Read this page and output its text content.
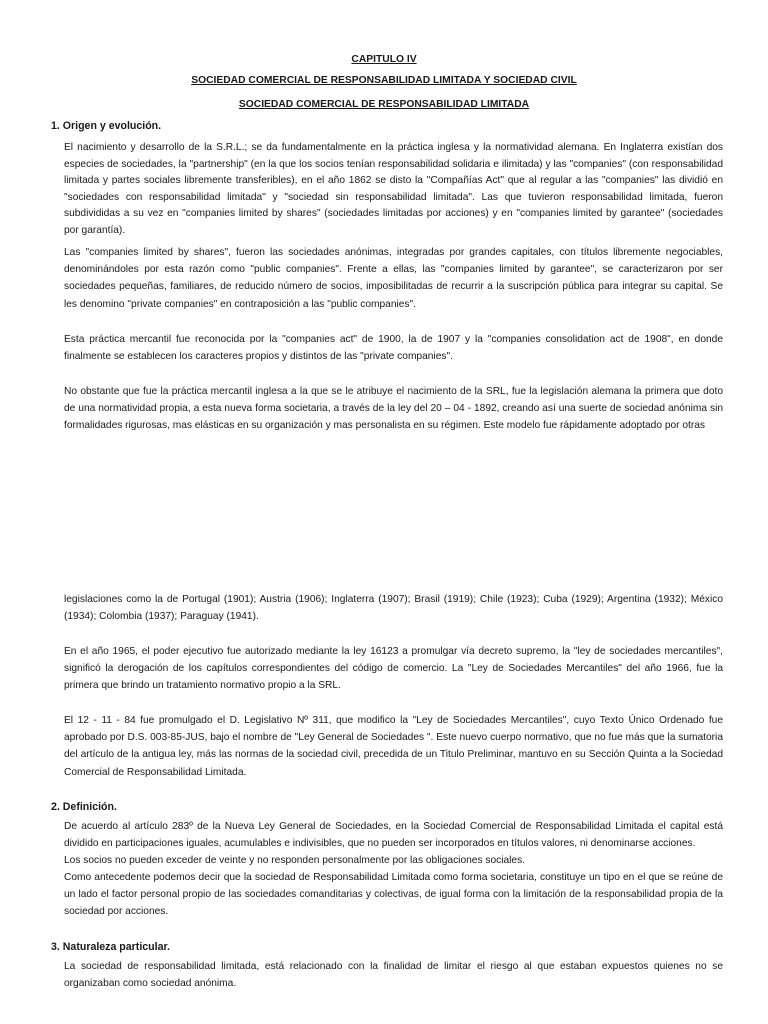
CAPITULO IV
SOCIEDAD COMERCIAL DE RESPONSABILIDAD LIMITADA Y SOCIEDAD CIVIL
SOCIEDAD COMERCIAL DE RESPONSABILIDAD LIMITADA
1. Origen y evolución.

El nacimiento y desarrollo de la S.R.L.; se da fundamentalmente en la práctica inglesa y la normatividad alemana. En Inglaterra existían dos especies de sociedades, la "partnership" (en la que los socios tenían responsabilidad solidaria e ilimitada) y las "companies" (con responsabilidad limitada y partes sociales libremente transferibles), en el año 1862 se disto la "Compañías Act" que al regular a las "companies" las dividió en "sociedades con responsabilidad limitada" y "sociedad sin responsabilidad limitada". Las que tuvieron responsabilidad limitada, fueron subdivididas a su vez en "companies limited by shares" (sociedades limitadas por acciones) y en "companies limited by garantee" (sociedades por garantía).

Las "companies limited by shares", fueron las sociedades anónimas, integradas por grandes capitales, con títulos libremente negociables, denominándoles por esta razón como "public companies". Frente a ellas, las "companies limited by garantee", se caracterizaron por ser sociedades pequeñas, familiares, de reducido número de socios, imposibilitadas de recurrir a la suscripción pública para integrar su capital. Se les denomino "private companies" en contraposición a las "public companies".

Esta práctica mercantil fue reconocida por la "companies act" de 1900, la de 1907 y la "companies consolidation act de 1908", en donde finalmente se establecen los caracteres propios y distintos de las "private companies".

No obstante que fue la práctica mercantil inglesa a la que se le atribuye el nacimiento de la SRL, fue la legislación alemana la primera que doto de una normatividad propia, a esta nueva forma societaria, a través de la ley del 20 – 04 - 1892, creando así una suerte de sociedad anónima sin formalidades rigurosas, mas elásticas en su organización y mas personalista en su régimen. Este modelo fue rápidamente adoptado por otras

legislaciones como la de Portugal (1901); Austria (1906); Inglaterra (1907); Brasil (1919); Chile (1923); Cuba (1929); Argentina (1932); México (1934); Colombia (1937); Paraguay (1941).

En el año 1965, el poder ejecutivo fue autorizado mediante la ley 16123 a promulgar vía decreto supremo, la "ley de sociedades mercantiles", significó la derogación de los capítulos correspondientes del código de comercio. La "Ley de Sociedades Mercantiles" del año 1966, fue la primera que brindo un tratamiento normativo propio a la SRL.

El 12 - 11 - 84 fue promulgado el D. Legislativo Nº 311, que modifico la "Ley de Sociedades Mercantiles", cuyo Texto Único Ordenado fue aprobado por D.S. 003-85-JUS, bajo el nombre de "Ley General de Sociedades ". Este nuevo cuerpo normativo, que no fue más que la sumatoria del artículo de la antigua ley, más las normas de la sociedad civil, precedida de un Titulo Preliminar, mantuvo en su Sección Quinta a la Sociedad Comercial de Responsabilidad Limitada.

2. Definición.

De acuerdo al artículo 283º de la Nueva Ley General de Sociedades, en la Sociedad Comercial de Responsabilidad Limitada el capital está dividido en participaciones iguales, acumulables e indivisibles, que no pueden ser incorporados en títulos valores, ni denominarse acciones.

Los socios no pueden exceder de veinte y no responden personalmente por las obligaciones sociales.

Como antecedente podemos decir que la sociedad de Responsabilidad Limitada como forma societaria, constituye un tipo en el que se reúne de un lado el factor personal propio de las sociedades comanditarias y colectivas, de igual forma con la limitación de la responsabilidad propia de la sociedad por acciones.

3. Naturaleza particular.

La sociedad de responsabilidad limitada, está relacionado con la finalidad de limitar el riesgo al que estaban expuestos quienes no se organizaban como sociedad anónima.
